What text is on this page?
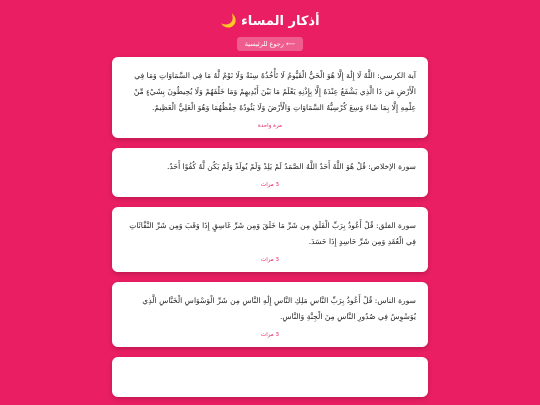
أذكار المساء 🌙
⟵ رجوع للرئيسية
آية الكرسي: اللَّهُ لَا إِلَٰهَ إِلَّا هُوَ الْحَيُّ الْقَيُّومُ لَا تَأْخُذُهُ سِنَةٌ وَلَا نَوْمٌ لَّهُ مَا فِي السَّمَاوَاتِ وَمَا فِي الْأَرْضِ مَن ذَا الَّذِي يَشْفَعُ عِنْدَهُ إِلَّا بِإِذْنِهِ يَعْلَمُ مَا بَيْنَ أَيْدِيهِمْ وَمَا خَلْفَهُمْ وَلَا يُحِيطُونَ بِشَيْءٍ مِّنْ عِلْمِهِ إِلَّا بِمَا شَاءَ وَسِعَ كُرْسِيُّهُ السَّمَاوَاتِ وَالْأَرْضَ وَلَا يَئُودُهُ حِفْظُهُمَا وَهُوَ الْعَلِيُّ الْعَظِيمُ.
مرة واحدة
سورة الإخلاص: قُلْ هُوَ اللَّهُ أَحَدٌ اللَّهُ الصَّمَدُ لَمْ يَلِدْ وَلَمْ يُولَدْ وَلَمْ يَكُن لَّهُ كُفُوًا أَحَدٌ.
3 مرات
سورة الفلق: قُلْ أَعُوذُ بِرَبِّ الْفَلَقِ مِن شَرِّ مَا خَلَقَ وَمِن شَرِّ غَاسِقٍ إِذَا وَقَبَ وَمِن شَرِّ النَّفَّاثَاتِ فِي الْعُقَدِ وَمِن شَرِّ حَاسِدٍ إِذَا حَسَدَ.
3 مرات
سورة الناس: قُلْ أَعُوذُ بِرَبِّ النَّاسِ مَلِكِ النَّاسِ إِلَٰهِ النَّاسِ مِن شَرِّ الْوَسْوَاسِ الْخَنَّاسِ الَّذِي يُوَسْوِسُ فِي صُدُورِ النَّاسِ مِنَ الْجِنَّةِ وَالنَّاسِ.
3 مرات
